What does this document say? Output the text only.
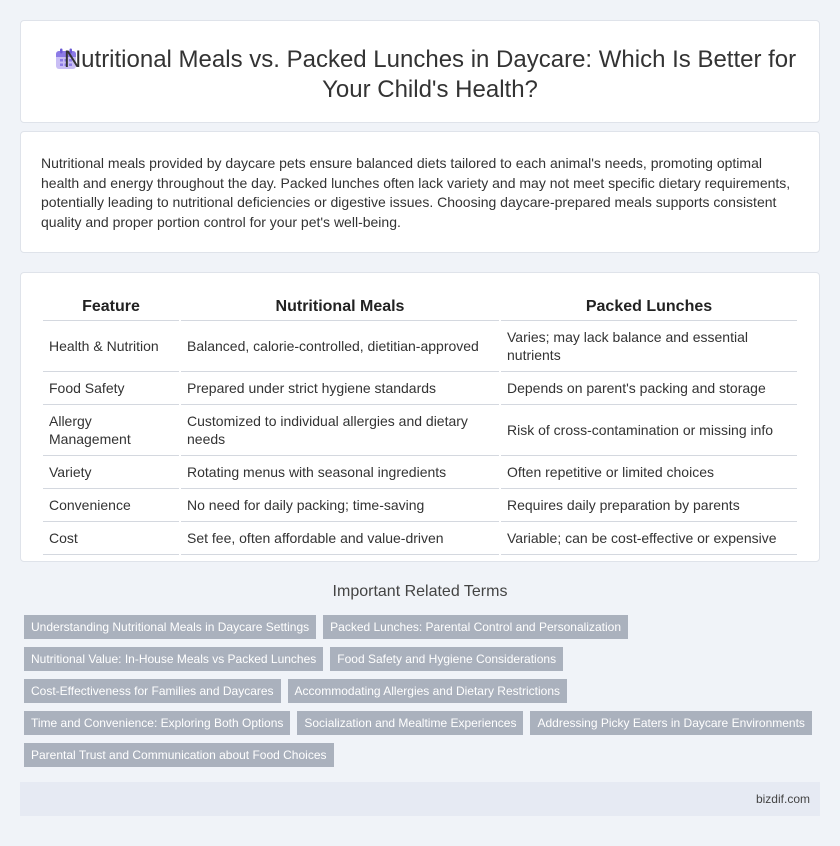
Nutritional Meals vs. Packed Lunches in Daycare: Which Is Better for Your Child's Health?

Nutritional meals provided by daycare pets ensure balanced diets tailored to each animal's needs, promoting optimal health and energy throughout the day. Packed lunches often lack variety and may not meet specific dietary requirements, potentially leading to nutritional deficiencies or digestive issues. Choosing daycare-prepared meals supports consistent quality and proper portion control for your pet's well-being.

Feature	Nutritional Meals	Packed Lunches
Health & Nutrition	Balanced, calorie-controlled, dietitian-approved	Varies; may lack balance and essential nutrients
Food Safety	Prepared under strict hygiene standards	Depends on parent's packing and storage
Allergy Management	Customized to individual allergies and dietary needs	Risk of cross-contamination or missing info
Variety	Rotating menus with seasonal ingredients	Often repetitive or limited choices
Convenience	No need for daily packing; time-saving	Requires daily preparation by parents
Cost	Set fee, often affordable and value-driven	Variable; can be cost-effective or expensive
Important Related Terms
Understanding Nutritional Meals in Daycare Settings	Packed Lunches: Parental Control and Personalization
Nutritional Value: In-House Meals vs Packed Lunches	Food Safety and Hygiene Considerations
Cost-Effectiveness for Families and Daycares	Accommodating Allergies and Dietary Restrictions
Time and Convenience: Exploring Both Options	Socialization and Mealtime Experiences	Addressing Picky Eaters in Daycare Environments
Parental Trust and Communication about Food Choices
bizdif.com
